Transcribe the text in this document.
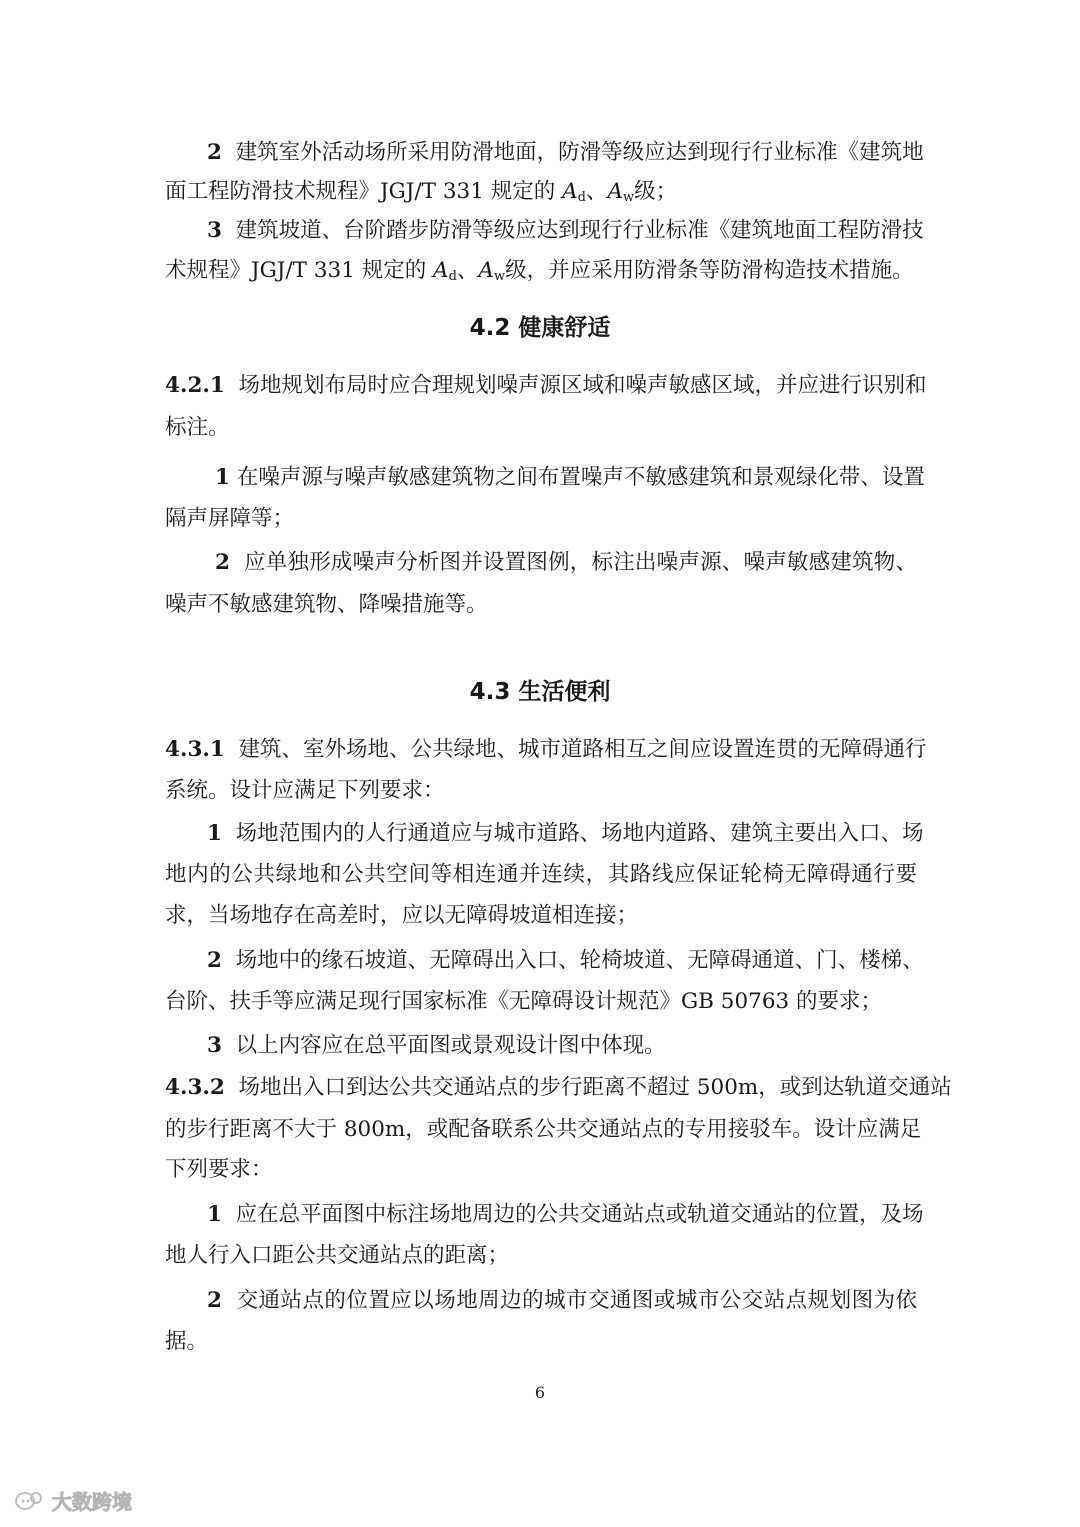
2 建筑室外活动场所采用防滑地面，防滑等级应达到现行行业标准《建筑地
面工程防滑技术规程》JGJ/T 331 规定的 $A_d$、$A_w$级；
3 建筑坡道、台阶踏步防滑等级应达到现行行业标准《建筑地面工程防滑技
术规程》JGJ/T 331 规定的 $A_d$、$A_w$级，并应采用防滑条等防滑构造技术措施。
4.2 健康舒适
4.2.1 场地规划布局时应合理规划噪声源区域和噪声敏感区域，并应进行识别和
标注。
1 在噪声源与噪声敏感建筑物之间布置噪声不敏感建筑和景观绿化带、设置
隔声屏障等；
2 应单独形成噪声分析图并设置图例，标注出噪声源、噪声敏感建筑物、
噪声不敏感建筑物、降噪措施等。
4.3 生活便利
4.3.1 建筑、室外场地、公共绿地、城市道路相互之间应设置连贯的无障碍通行
系统。设计应满足下列要求：
1 场地范围内的人行通道应与城市道路、场地内道路、建筑主要出入口、场
地内的公共绿地和公共空间等相连通并连续，其路线应保证轮椅无障碍通行要
求，当场地存在高差时，应以无障碍坡道相连接；
2 场地中的缘石坡道、无障碍出入口、轮椅坡道、无障碍通道、门、楼梯、
台阶、扶手等应满足现行国家标准《无障碍设计规范》GB 50763 的要求；
3 以上内容应在总平面图或景观设计图中体现。
4.3.2 场地出入口到达公共交通站点的步行距离不超过 500m，或到达轨道交通站
的步行距离不大于 800m，或配备联系公共交通站点的专用接驳车。设计应满足
下列要求：
1 应在总平面图中标注场地周边的公共交通站点或轨道交通站的位置，及场
地人行入口距公共交通站点的距离；
2 交通站点的位置应以场地周边的城市交通图或城市公交站点规划图为依
据。
6
大数跨境
